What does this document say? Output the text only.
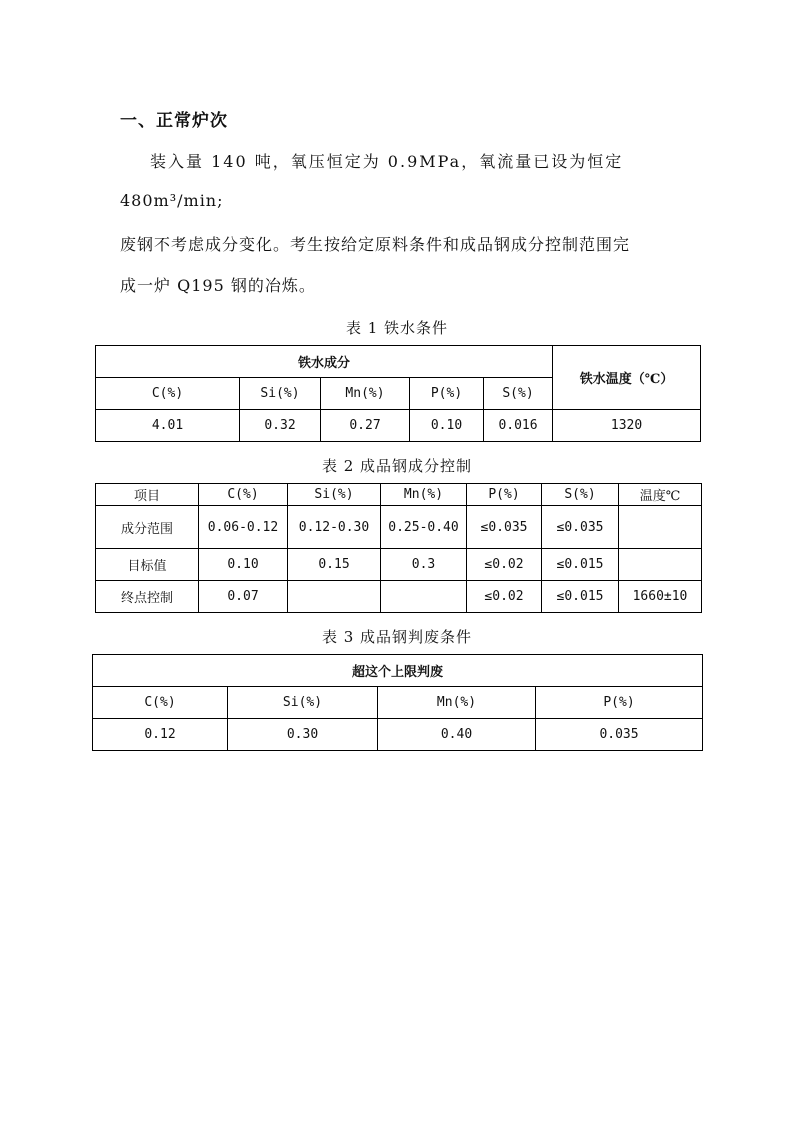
一、正常炉次
装入量 140 吨，氧压恒定为 0.9MPa，氧流量已设为恒定
480m³/min;
废钢不考虑成分变化。考生按给定原料条件和成品钢成分控制范围完
成一炉 Q195 钢的冶炼。
表 1 铁水条件
铁水成分					铁水温度（℃）
C(%)	Si(%)	Mn(%)	P(%)	S(%)	
4.01	0.32	0.27	0.10	0.016	1320
表 2 成品钢成分控制
项目	C(%)	Si(%)	Mn(%)	P(%)	S(%)	温度℃
成分范围	0.06-0.12	0.12-0.30	0.25-0.40	≤0.035	≤0.035	
目标值	0.10	0.15	0.3	≤0.02	≤0.015	
终点控制	0.07			≤0.02	≤0.015	1660±10
表 3 成品钢判废条件
超这个上限判废			
C(%)	Si(%)	Mn(%)	P(%)
0.12	0.30	0.40	0.035
